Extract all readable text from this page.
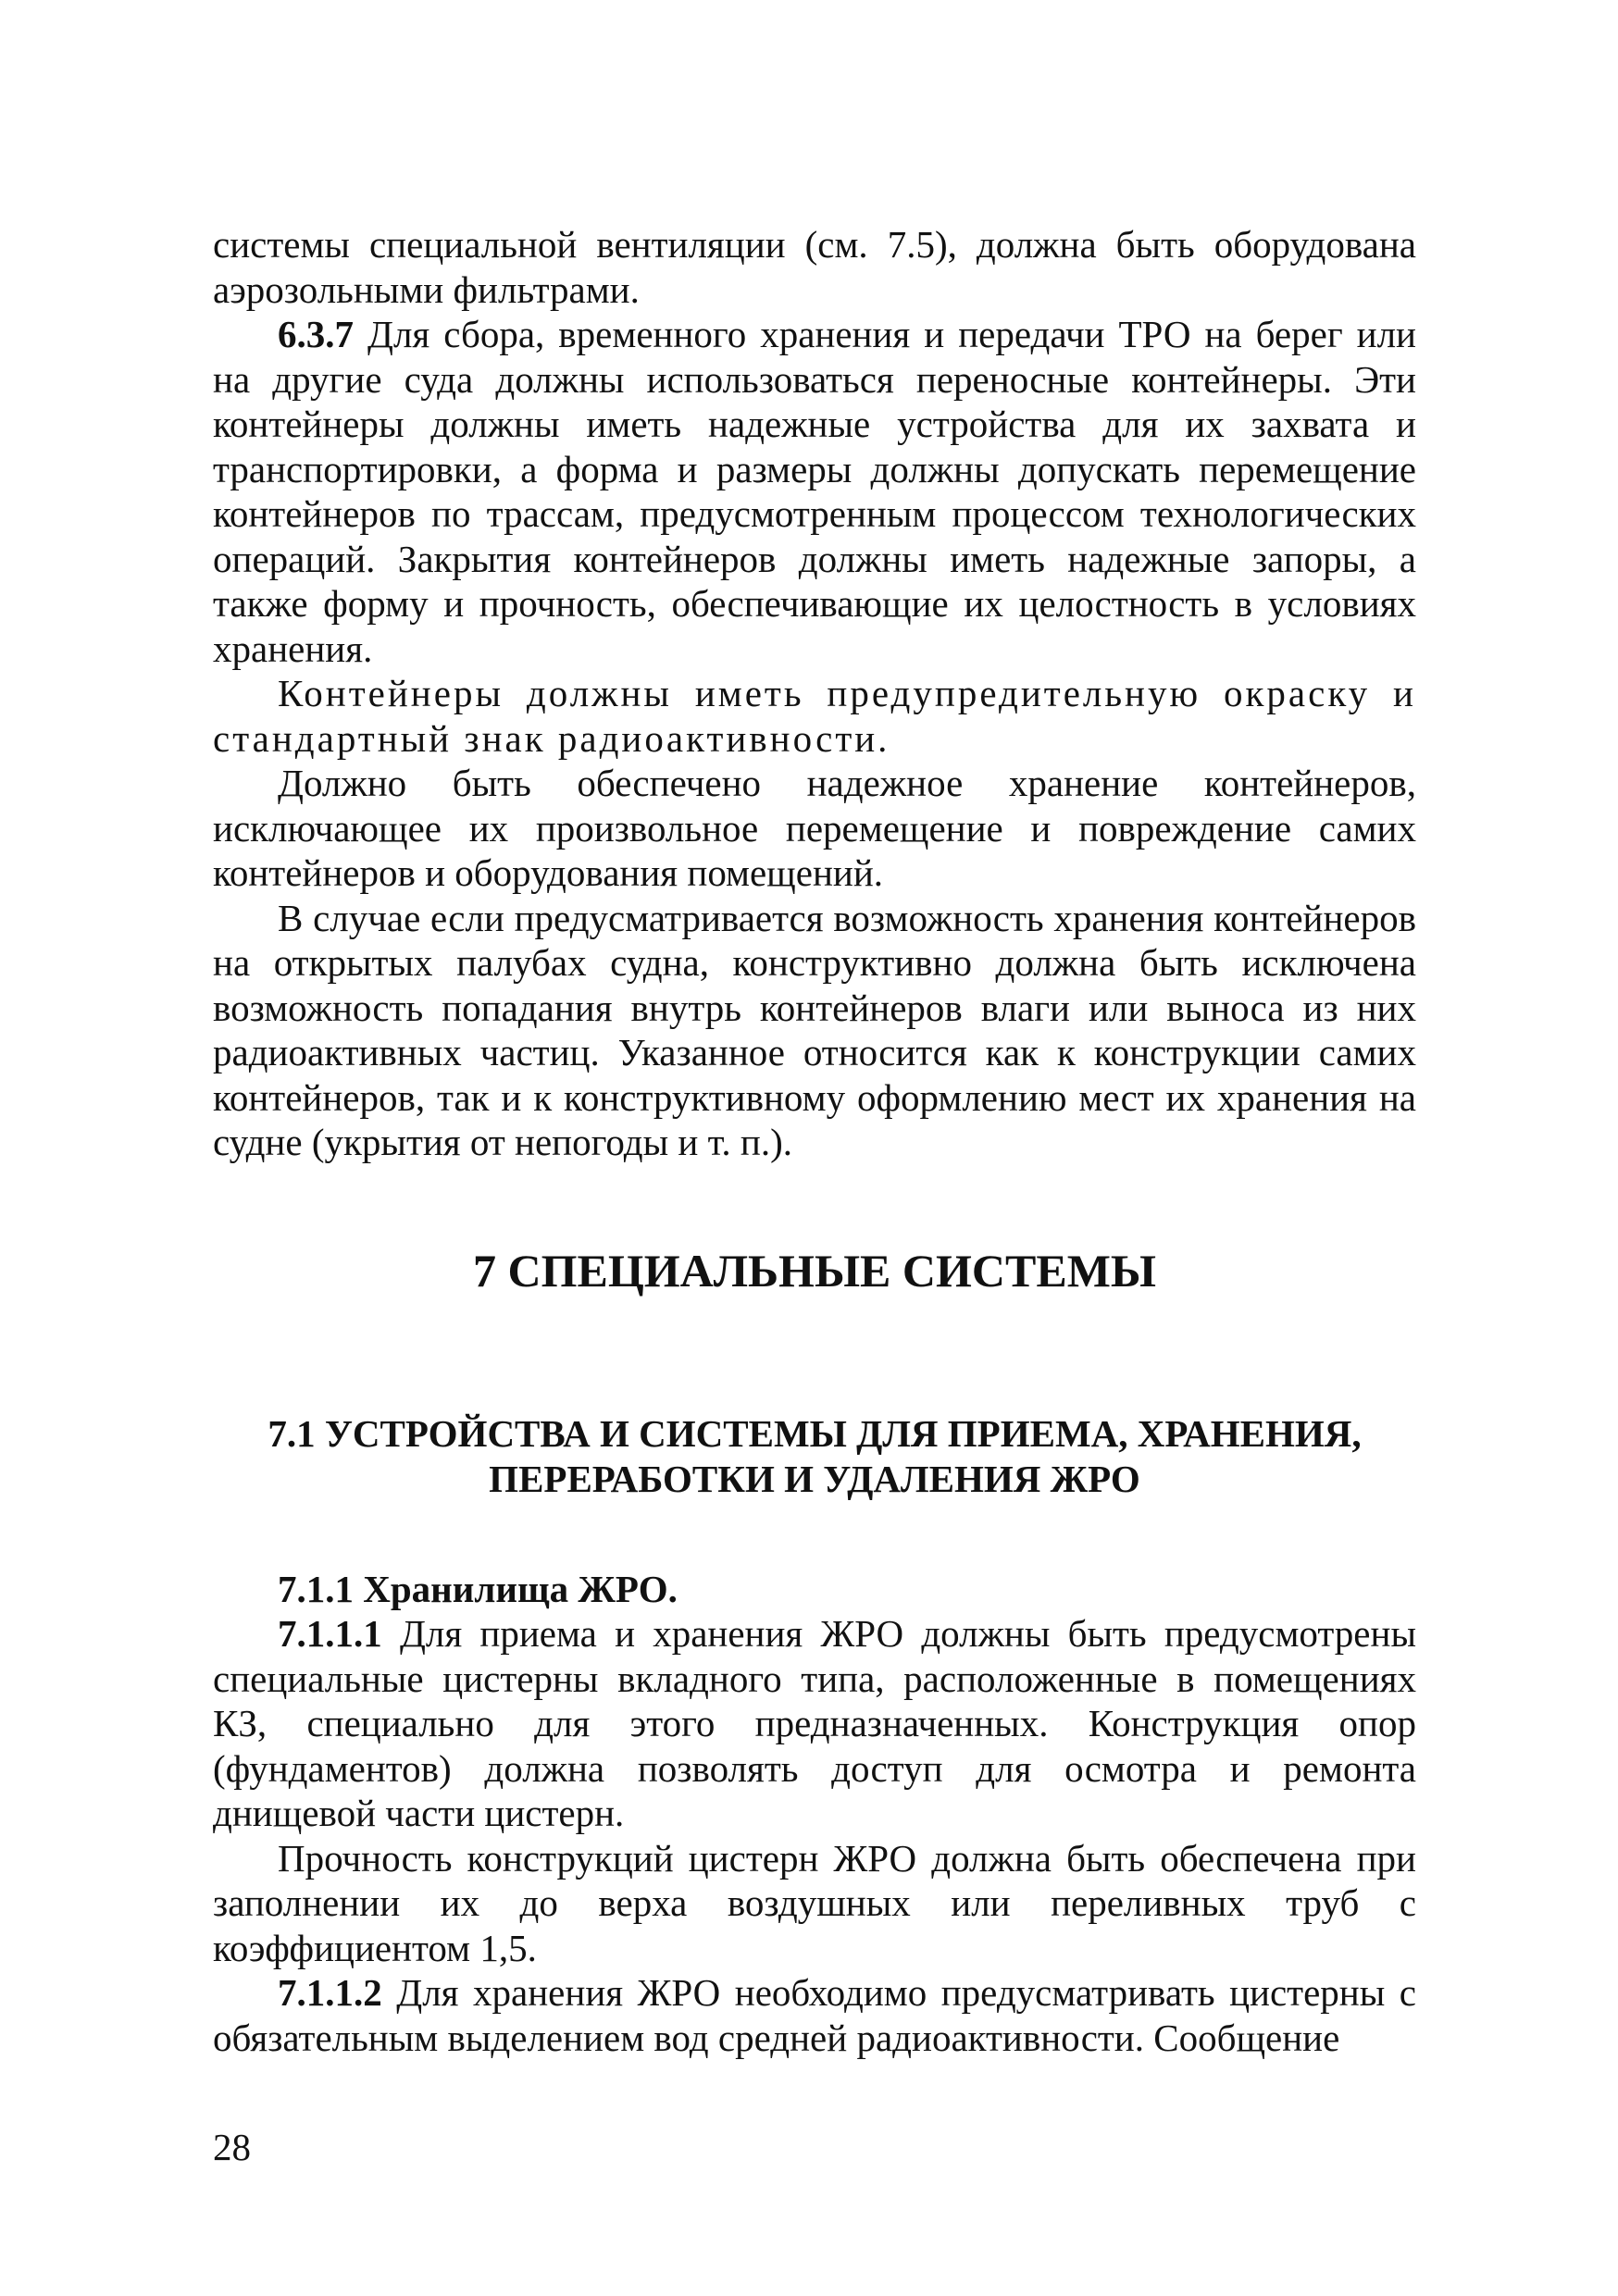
системы специальной вентиляции (см. 7.5), должна быть оборудована аэрозольными фильтрами.

6.3.7 Для сбора, временного хранения и передачи ТРО на берег или на другие суда должны использоваться переносные контейнеры. Эти контейнеры должны иметь надежные устройства для их захвата и транспортировки, а форма и размеры должны допускать перемещение контейнеров по трассам, предусмотренным процессом технологических операций. Закрытия контейнеров должны иметь надежные запоры, а также форму и прочность, обеспечивающие их целостность в условиях хранения.

Контейнеры должны иметь предупредительную окраску и стандартный знак радиоактивности.

Должно быть обеспечено надежное хранение контейнеров, исключающее их произвольное перемещение и повреждение самих контейнеров и оборудования помещений.

В случае если предусматривается возможность хранения контейнеров на открытых палубах судна, конструктивно должна быть исключена возможность попадания внутрь контейнеров влаги или выноса из них радиоактивных частиц. Указанное относится как к конструкции самих контейнеров, так и к конструктивному оформлению мест их хранения на судне (укрытия от непогоды и т. п.).

7 СПЕЦИАЛЬНЫЕ СИСТЕМЫ
7.1 УСТРОЙСТВА И СИСТЕМЫ ДЛЯ ПРИЕМА, ХРАНЕНИЯ,
ПЕРЕРАБОТКИ И УДАЛЕНИЯ ЖРО
7.1.1 Хранилища ЖРО.

7.1.1.1 Для приема и хранения ЖРО должны быть предусмотрены специальные цистерны вкладного типа, расположенные в помещениях КЗ, специально для этого предназначенных. Конструкция опор (фундаментов) должна позволять доступ для осмотра и ремонта днищевой части цистерн.

Прочность конструкций цистерн ЖРО должна быть обеспечена при заполнении их до верха воздушных или переливных труб с коэффициентом 1,5.

7.1.1.2 Для хранения ЖРО необходимо предусматривать цистерны с обязательным выделением вод средней радиоактивности. Сообщение

28
